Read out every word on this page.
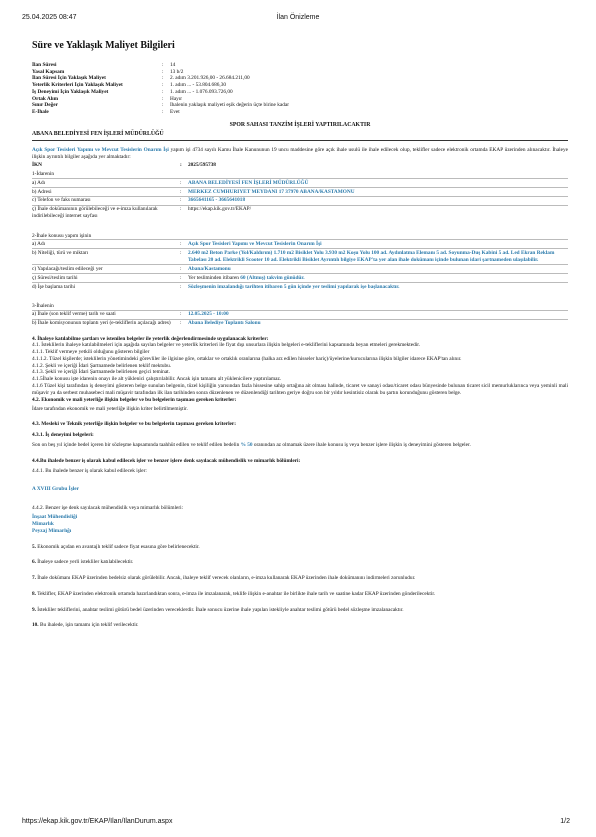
25.04.2025 08:47	İlan Önizleme
Süre ve Yaklaşık Maliyet Bilgileri
İlan Süresi	:	14
Yasal Kapsam	:	13 b/2
İlan Süresi İçin Yaklaşık Maliyet	:	2. adım 3.201.926,00 - 26.684.211,00
Yeterlik Kriterleri İçin Yaklaşık Maliyet	:	1. adım ... - 53.804.686,30
İş Deneyimi İçin Yaklaşık Maliyet	:	1. adım ... - 1.076.093.726,00
Ortak Alım	:	Hayır
Sınır Değer	:	İhalenin yaklaşık maliyeti eşik değerin üçte birine kadar
E-İhale	:	Evet
SPOR SAHASI TANZİM İŞLERİ YAPTIRILACAKTIR
ABANA BELEDİYESİ FEN İŞLERİ MÜDÜRLÜĞÜ
Açık Spor Tesisleri Yapımı ve Mevcut Tesislerin Onarım İşi yapım işi 4734 sayılı Kamu İhale Kanununun 19 uncu maddesine göre açık ihale usulü ile ihale edilecek olup, teklifler sadece elektronik ortamda EKAP üzerinden alınacaktır. İhaleye ilişkin ayrıntılı bilgiler aşağıda yer almaktadır:
İKN	:	2025/595738
1-İdarenin
a) Adı	:	ABANA BELEDİYESİ FEN İŞLERİ MÜDÜRLÜĞÜ
b) Adresi	:	MERKEZ CUMHURIYET MEYDANI 17 37970 ABANA/KASTAMONU
c) Telefon ve faks numarası	:	3665641165 - 3665641018
ç) İhale dokümanının görülebileceği ve e-imza kullanılarak indirilebileceği internet sayfası
:	https://ekap.kik.gov.tr/EKAP/
2-İhale konusu yapım işinin
a) Adı	:	Açık Spor Tesisleri Yapımı ve Mevcut Tesislerin Onarım İşi
b) Niteliği, türü ve miktarı	:	2.640 m2 Beton Parke (Yol/Kaldırım) 1.710 m2 Bisiklet Yolu 3.930 m2 Koşu Yolu 100 ad. Aydınlatma Elemanı 5 ad. Soyunma-Duş Kabini 5 ad. Led Ekran Reklam Tabelası 20 ad. Elektrikli Scooter 10 ad. Elektrikli Bisiklet Ayrıntılı bilgiye EKAP'ta yer alan ihale dokümanı içinde bulunan idari şartnameden ulaşılabilir.
c) Yapılacağı/teslim edileceği yer	:	Abana/Kastamonu
ç) Süresi/teslim tarihi	:	Yer tesliminden itibaren 60 (Altmış) takvim günüdür.
d) İşe başlama tarihi	:	Sözleşmenin imzalandığı tarihten itibaren 5 gün içinde yer teslimi yapılarak işe başlanacaktır.
3-İhalenin
a) İhale (son teklif verme) tarih ve saati	:	12.05.2025 - 10:00
b) İhale komisyonunun toplantı yeri (e-tekliflerin açılacağı adres)	:	Abana Belediye Toplantı Salonu
4. İhaleye katılabilme şartları ve istenilen belgeler ile yeterlik değerlendirmesinde uygulanacak kriterler:
4.1. İsteklilerin ihaleye katılabilmeleri için aşağıda sayılan belgeler ve yeterlik kriterleri ile fiyat dışı unsurlara ilişkin belgeleri e-tekliflerini kapsamında beyan etmeleri gerekmektedir.
4.1.1. Teklif vermeye yetkili olduğunu gösteren bilgiler
4.1.1.2. Tüzel kişilerde; isteklilerin yönetimindeki görevliler ile ilgisine göre, ortaklar ve ortaklık oranlarına (halka arz edilen hisseler hariç)/üyelerine/kurucularına ilişkin bilgiler idarece EKAP'tan alınır.
4.1.2. Şekli ve içeriği İdari Şartnamede belirlenen teklif mektubu.
4.1.3. Şekli ve içeriği İdari Şartnamede belirlenen geçici teminat.
4.1.5İhale konusu işte idarenin onayı ile alt yüklenici çalıştırılabilir. Ancak işin tamamı alt yüklenicilere yaptırılamaz.
4.1.6 Tüzel kişi tarafından iş deneyimi gösteren belge sunulan belgenin, tüzel kişiliğin yarısından fazla hissesine sahip ortağına ait olması halinde, ticaret ve sanayi odası/ticaret odası bünyesinde bulunan ticaret sicil memurluklarınca veya yeminli mali müşavir ya da serbest muhasebeci mali müşavir tarafından ilk ilan tarihinden sonra düzenlenen ve düzenlendiği tarihten geriye doğru son bir yıldır kesintisiz olarak bu şartın korunduğunu gösteren belge.
4.2. Ekonomik ve mali yeterliğe ilişkin belgeler ve bu belgelerin taşıması gereken kriterler:
İdare tarafından ekonomik ve mali yeterliğe ilişkin kriter belirtilmemiştir.
4.3. Mesleki ve Teknik yeterliğe ilişkin belgeler ve bu belgelerin taşıması gereken kriterler:
4.3.1. İş deneyimi belgeleri:
Son on beş yıl içinde bedel içeren bir sözleşme kapsamında taahhüt edilen ve teklif edilen bedelin % 50 oranından az olmamak üzere ihale konusu iş veya benzer işlere ilişkin iş deneyimini gösteren belgeler.
4.4.Bu ihalede benzer iş olarak kabul edilecek işler ve benzer işlere denk sayılacak mühendislik ve mimarlık bölümleri:
4.4.1. Bu ihalede benzer iş olarak kabul edilecek işler:
A XVIII Grubu İşler
4.4.2. Benzer işe denk sayılacak mühendislik veya mimarlık bölümleri:
İnşaat Mühendisliği
Mimarlık
Peyzaj Mimarlığı
5. Ekonomik açıdan en avantajlı teklif sadece fiyat esasına göre belirlenecektir.
6. İhaleye sadece yerli istekliler katılabilecektir.
7. İhale dokümanı EKAP üzerinden bedelsiz olarak görülebilir. Ancak, ihaleye teklif verecek olanların, e-imza kullanarak EKAP üzerinden ihale dokümanını indirmeleri zorunludur.
8. Teklifler, EKAP üzerinden elektronik ortamda hazırlandıktan sonra, e-imza ile imzalanarak, teklife ilişkin e-anahtar ile birlikte ihale tarih ve saatine kadar EKAP üzerinden gönderilecektir.
9. İstekliler tekliflerini, anahtar teslimi götürü bedel üzerinden vereceklerdir. İhale sonucu üzerine ihale yapılan istekliyle anahtar teslimi götürü bedel sözleşme imzalanacaktır.
10. Bu ihalede, işin tamamı için teklif verilecektir.
https://ekap.kik.gov.tr/EKAP/Ilan/IlanDurum.aspx	1/2
